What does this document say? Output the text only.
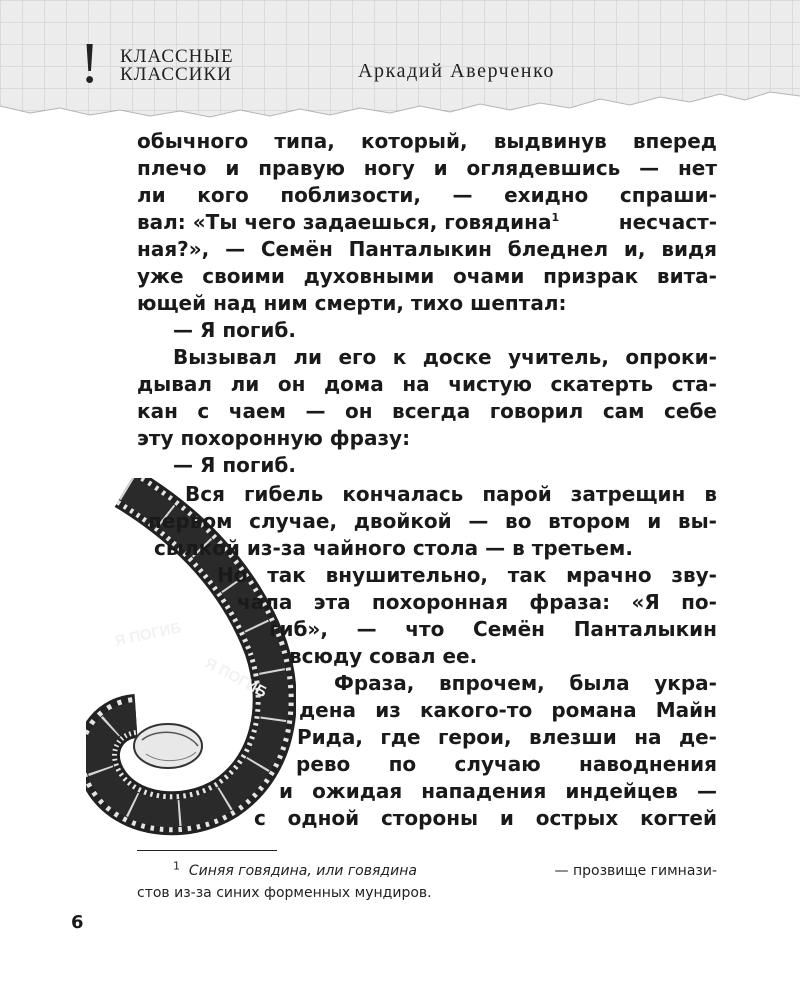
! КЛАССНЫЕ
КЛАССИКИ	Аркадий Аверченко
Я ПОГИБ
Я ПОГИБ
обычного типа, который, выдвинув вперед
плечо и правую ногу и оглядевшись — нет
ли кого поблизости, — ехидно спраши-
вал: «Ты чего задаешься, говядина1	несчаст-
ная?», — Семён Панталыкин бледнел и, видя
уже своими духовными очами призрак вита-
ющей над ним смерти, тихо шептал:
— Я погиб.
Вызывал ли его к доске учитель, опроки-
дывал ли он дома на чистую скатерть ста-
кан с чаем — он всегда говорил сам себе
эту похоронную фразу:
— Я погиб.
Вся гибель кончалась парой затрещин в
первом случае, двойкой — во втором и вы-
сылкой из-за чайного стола — в третьем.
Но так внушительно, так мрачно зву-
чала эта похоронная фраза: «Я по-
гиб», — что Семён Панталыкин
всюду совал ее.
Фраза, впрочем, была укра-
дена из какого-то романа Майн
Рида, где герои, влезши на де-
рево по случаю наводнения
и ожидая нападения индейцев —
с одной стороны и острых когтей
$^1$ Синяя говядина, или говядина	— прозвище гимнази-
стов из-за синих форменных мундиров.
6
